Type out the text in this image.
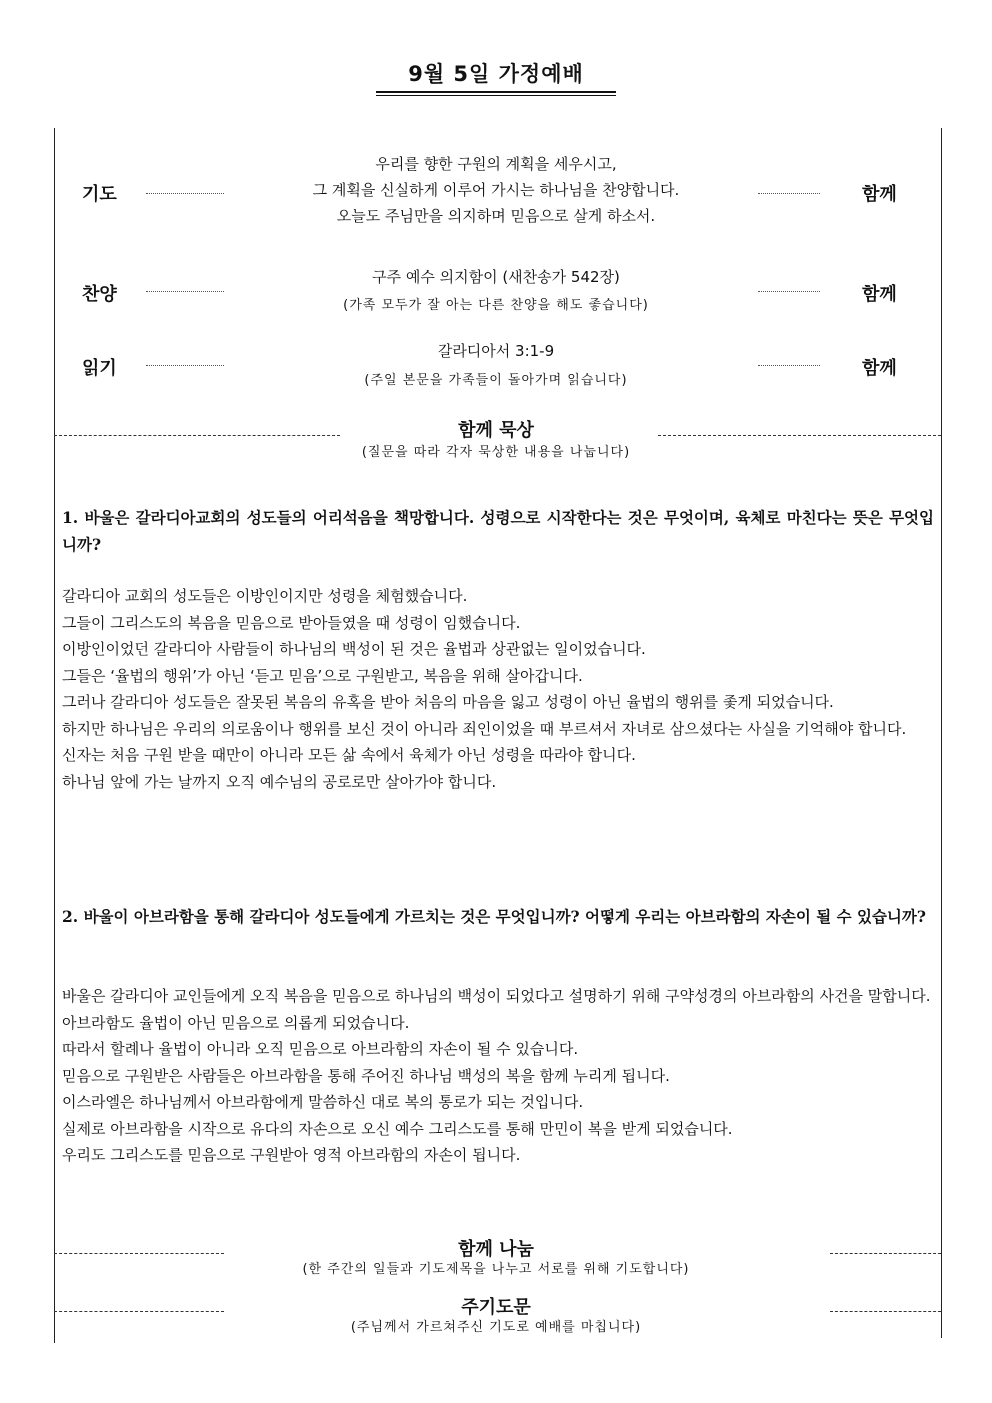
9월 5일 가정예배
기도
우리를 향한 구원의 계획을 세우시고,
그 계획을 신실하게 이루어 가시는 하나님을 찬양합니다.
오늘도 주님만을 의지하며 믿음으로 살게 하소서.
함께
찬양
구주 예수 의지함이 (새찬송가 542장)
(가족 모두가 잘 아는 다른 찬양을 해도 좋습니다)
함께
읽기
갈라디아서 3:1-9
(주일 본문을 가족들이 돌아가며 읽습니다)
함께
함께 묵상
(질문을 따라 각자 묵상한 내용을 나눕니다)
1. 바울은 갈라디아교회의 성도들의 어리석음을 책망합니다. 성령으로 시작한다는 것은 무엇이며, 육체로 마친다는 뜻은 무엇입니까?
갈라디아 교회의 성도들은 이방인이지만 성령을 체험했습니다.
그들이 그리스도의 복음을 믿음으로 받아들였을 때 성령이 임했습니다.
이방인이었던 갈라디아 사람들이 하나님의 백성이 된 것은 율법과 상관없는 일이었습니다.
그들은 ‘율법의 행위’가 아닌 ‘듣고 믿음’으로 구원받고, 복음을 위해 살아갑니다.
그러나 갈라디아 성도들은 잘못된 복음의 유혹을 받아 처음의 마음을 잃고 성령이 아닌 율법의 행위를 좇게 되었습니다.
하지만 하나님은 우리의 의로움이나 행위를 보신 것이 아니라 죄인이었을 때 부르셔서 자녀로 삼으셨다는 사실을 기억해야 합니다.
신자는 처음 구원 받을 때만이 아니라 모든 삶 속에서 육체가 아닌 성령을 따라야 합니다.
하나님 앞에 가는 날까지 오직 예수님의 공로로만 살아가야 합니다.
2. 바울이 아브라함을 통해 갈라디아 성도들에게 가르치는 것은 무엇입니까? 어떻게 우리는 아브라함의 자손이 될 수 있습니까?
바울은 갈라디아 교인들에게 오직 복음을 믿음으로 하나님의 백성이 되었다고 설명하기 위해 구약성경의 아브라함의 사건을 말합니다.
아브라함도 율법이 아닌 믿음으로 의롭게 되었습니다.
따라서 할례나 율법이 아니라 오직 믿음으로 아브라함의 자손이 될 수 있습니다.
믿음으로 구원받은 사람들은 아브라함을 통해 주어진 하나님 백성의 복을 함께 누리게 됩니다.
이스라엘은 하나님께서 아브라함에게 말씀하신 대로 복의 통로가 되는 것입니다.
실제로 아브라함을 시작으로 유다의 자손으로 오신 예수 그리스도를 통해 만민이 복을 받게 되었습니다.
우리도 그리스도를 믿음으로 구원받아 영적 아브라함의 자손이 됩니다.
함께 나눔
(한 주간의 일들과 기도제목을 나누고 서로를 위해 기도합니다)
주기도문
(주님께서 가르쳐주신 기도로 예배를 마칩니다)
